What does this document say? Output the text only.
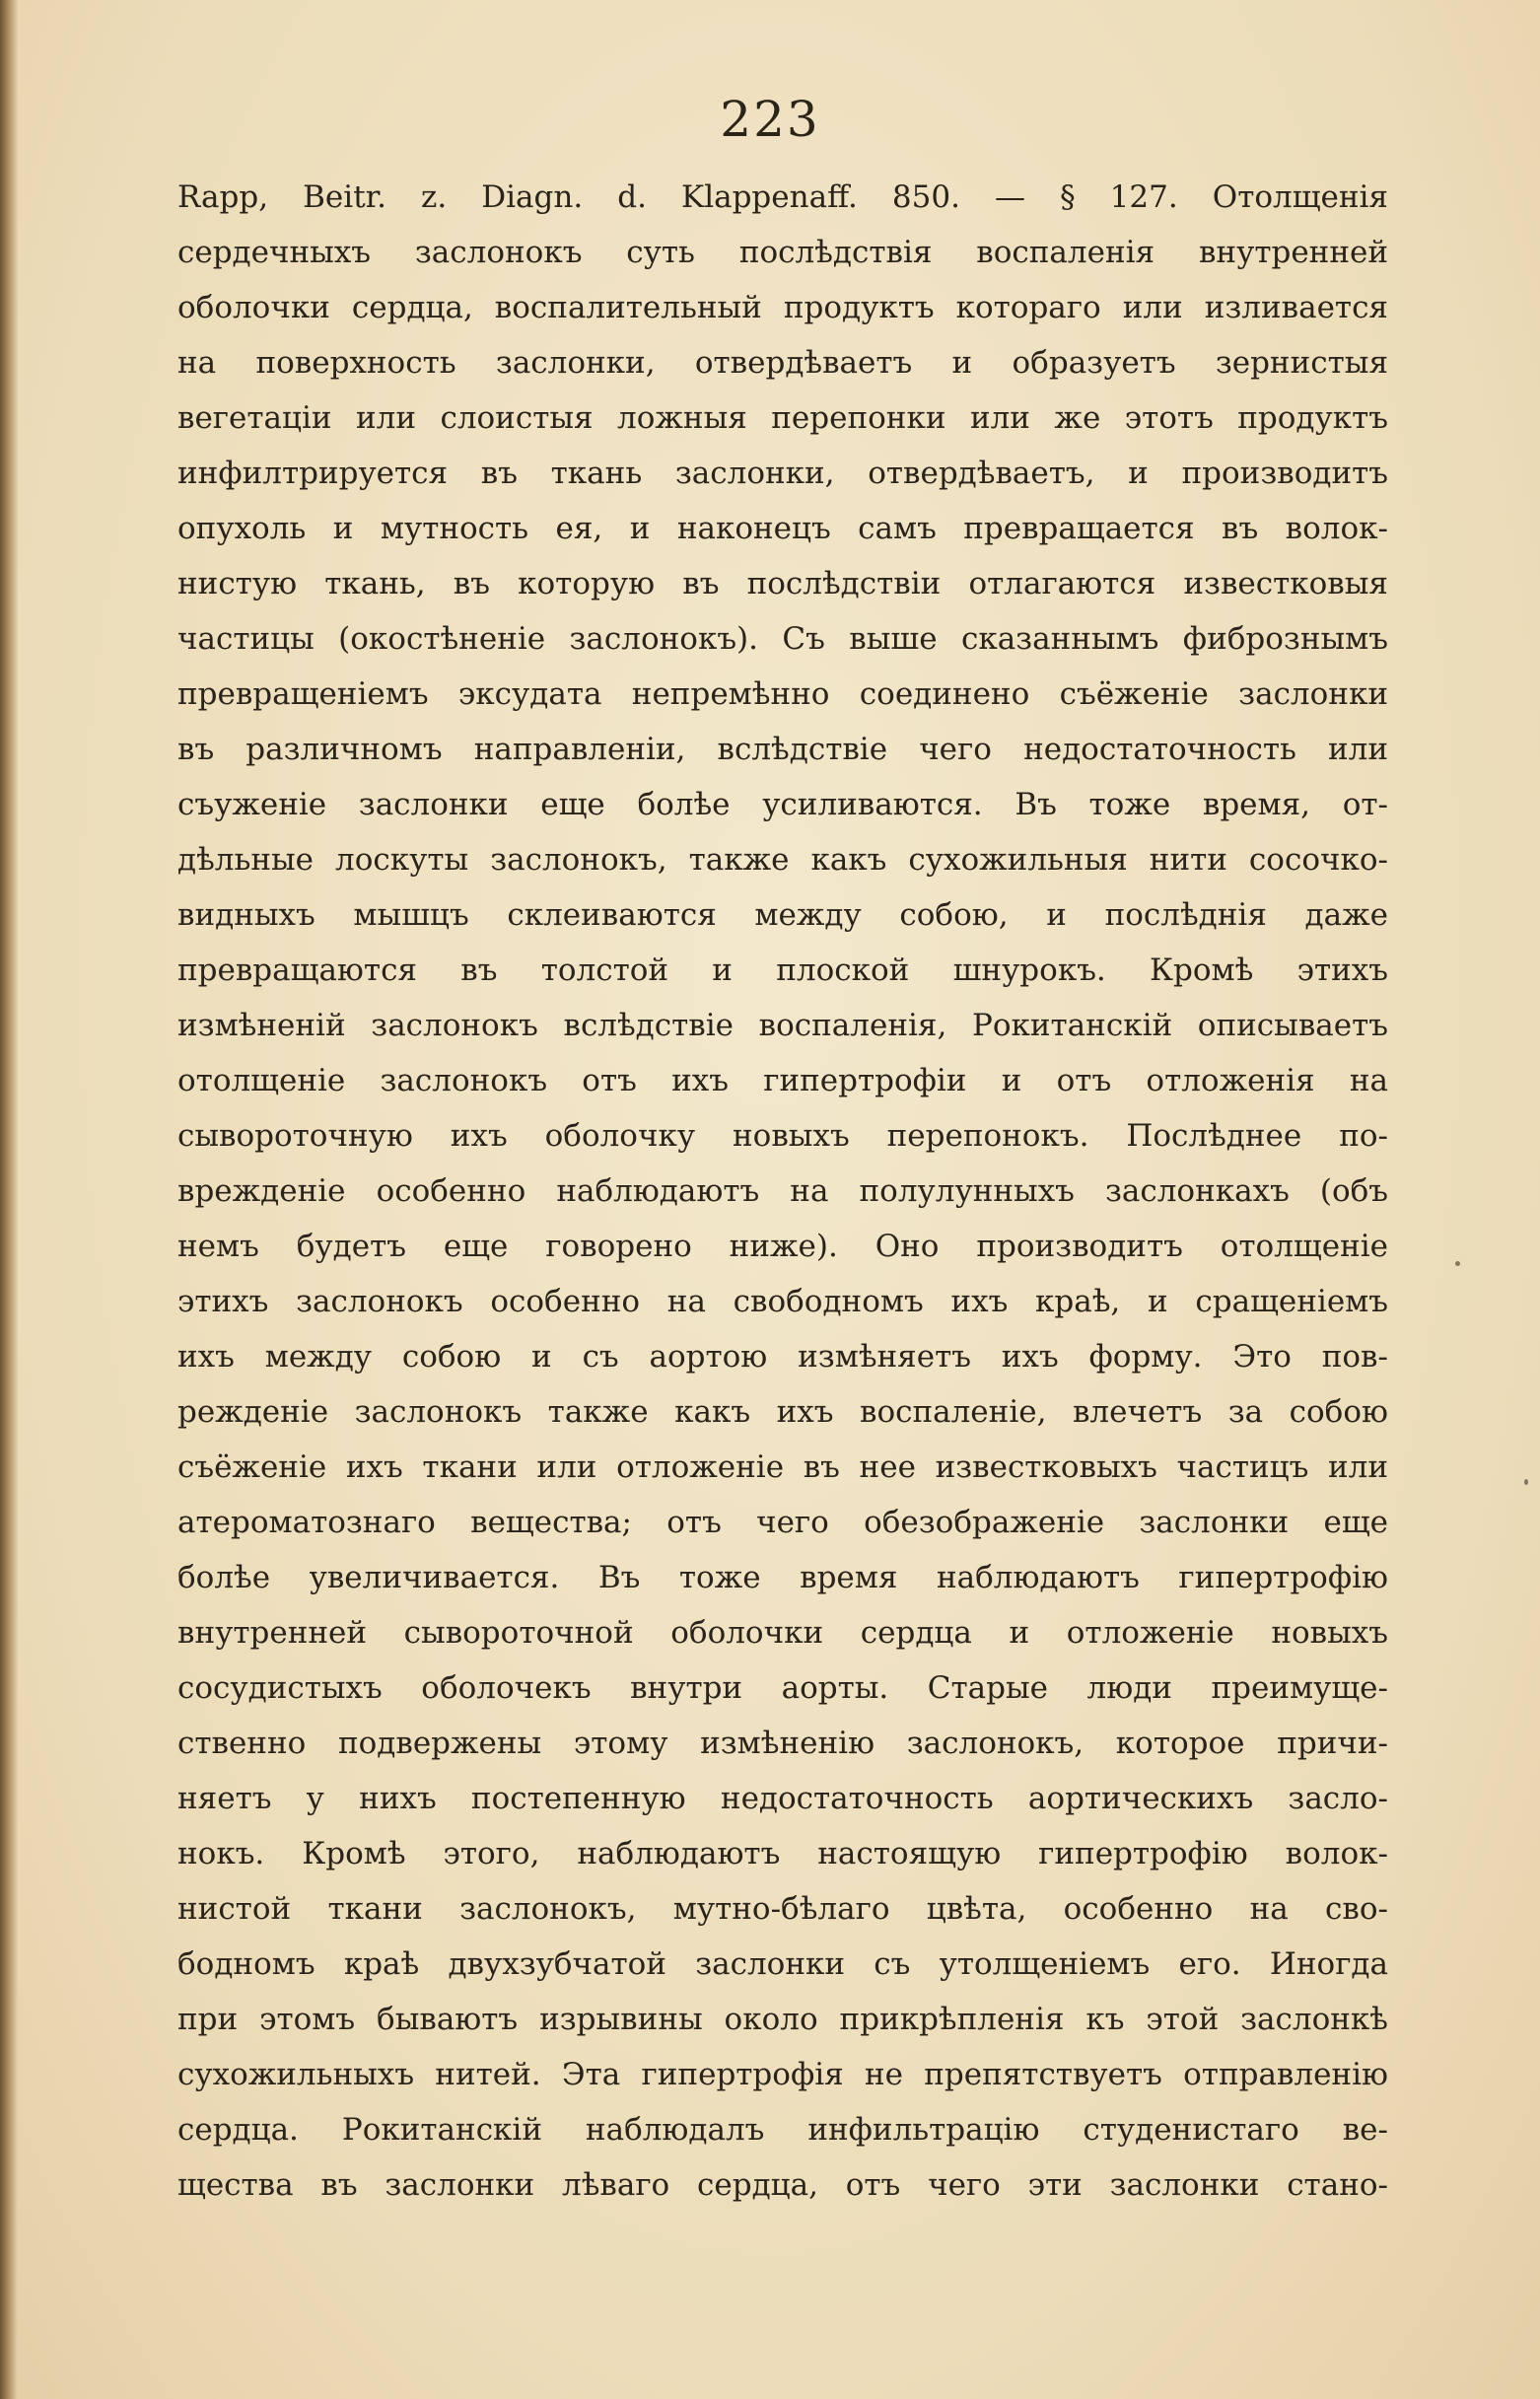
223
Rapp, Beitr. z. Diagn. d. Klappenaff. 850. — § 127. Отолщенія
сердечныхъ заслонокъ суть послѣдствія воспаленія внутренней
оболочки сердца, воспалительный продуктъ котораго или изливается
на поверхность заслонки, отвердѣваетъ и образуетъ зернистыя
вегетаціи или слоистыя ложныя перепонки или же этотъ продуктъ
инфилтрируется въ ткань заслонки, отвердѣваетъ, и производитъ
опухоль и мутность ея, и наконецъ самъ превращается въ волок-
нистую ткань, въ которую въ послѣдствіи отлагаются известковыя
частицы (окостѣненіе заслонокъ). Съ выше сказаннымъ фибрознымъ
превращеніемъ эксудата непремѣнно соединено съёженіе заслонки
въ различномъ направленіи, вслѣдствіе чего недостаточность или
съуженіе заслонки еще болѣе усиливаются. Въ тоже время, от-
дѣльные лоскуты заслонокъ, также какъ сухожильныя нити сосочко-
видныхъ мышцъ склеиваются между собою, и послѣднія даже
превращаются въ толстой и плоской шнурокъ. Кромѣ этихъ
измѣненій заслонокъ вслѣдствіе воспаленія, Рокитанскій описываетъ
отолщеніе заслонокъ отъ ихъ гипертрофіи и отъ отложенія на
сывороточную ихъ оболочку новыхъ перепонокъ. Послѣднее по-
врежденіе особенно наблюдаютъ на полулунныхъ заслонкахъ (объ
немъ будетъ еще говорено ниже). Оно производитъ отолщеніе
этихъ заслонокъ особенно на свободномъ ихъ краѣ, и сращеніемъ
ихъ между собою и съ аортою измѣняетъ ихъ форму. Это пов-
режденіе заслонокъ также какъ ихъ воспаленіе, влечетъ за собою
съёженіе ихъ ткани или отложеніе въ нее известковыхъ частицъ или
атероматознаго вещества; отъ чего обезображеніе заслонки еще
болѣе увеличивается. Въ тоже время наблюдаютъ гипертрофію
внутренней сывороточной оболочки сердца и отложеніе новыхъ
сосудистыхъ оболочекъ внутри аорты. Старые люди преимуще-
ственно подвержены этому измѣненію заслонокъ, которое причи-
няетъ у нихъ постепенную недостаточность аортическихъ засло-
нокъ. Кромѣ этого, наблюдаютъ настоящую гипертрофію волок-
нистой ткани заслонокъ, мутно-бѣлаго цвѣта, особенно на сво-
бодномъ краѣ двухзубчатой заслонки съ утолщеніемъ его. Иногда
при этомъ бываютъ изрывины около прикрѣпленія къ этой заслонкѣ
сухожильныхъ нитей. Эта гипертрофія не препятствуетъ отправленію
сердца. Рокитанскій наблюдалъ инфильтрацію студенистаго ве-
щества въ заслонки лѣваго сердца, отъ чего эти заслонки стано-
